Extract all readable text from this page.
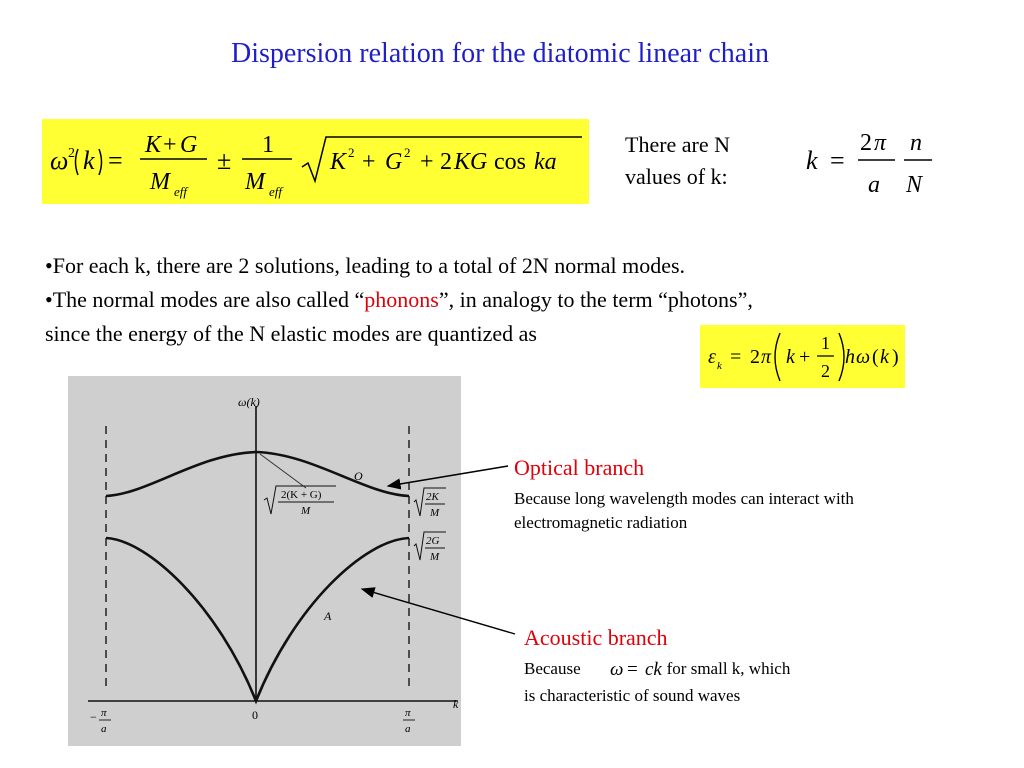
Dispersion relation for the diatomic linear chain
ω 2 k =
K + G
M eff
±
1
M eff
K 2 + G 2 + 2 KG cos ka
There are N
values of k:
k =
2 π
a
n
N
•For each k, there are 2 solutions, leading to a total of 2N normal modes.
•The normal modes are also called “phonons”, in analogy to the term “photons”,
since the energy of the N elastic modes are quantized as
ε k = 2 π k +
1
2
h ω ( k )
ω(k)
k
0
O
A
2(K + G)
M
2K
M
2G
M
− π
a
π
a
Optical branch
Because long wavelength modes can interact with electromagnetic radiation
Acoustic branch
Because	for small k, which
ω = ck
is characteristic of sound waves
